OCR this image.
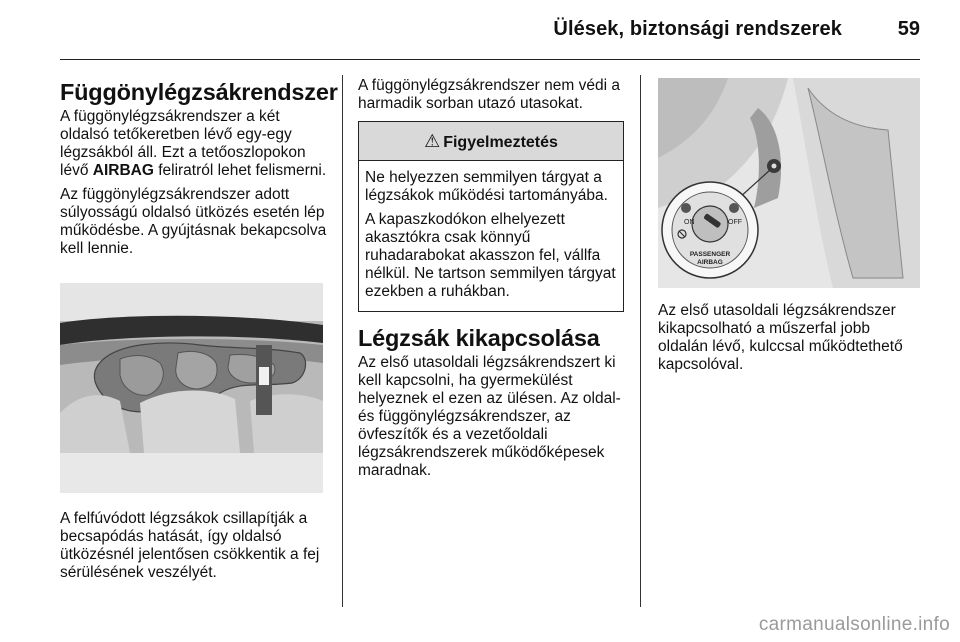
Ülések, biztonsági rendszerek	59
Függönylégzsákrendszer

A függönylégzsákrendszer a két oldalsó tetőkeretben lévő egy-egy légzsákból áll. Ezt a tetőoszlopokon lévő AIRBAG feliratról lehet felismerni.

Az függönylégzsákrendszer adott súlyosságú oldalsó ütközés esetén lép működésbe. A gyújtásnak bekapcsolva kell lennie.

A felfúvódott légzsákok csillapítják a becsapódás hatását, így oldalsó ütközésnél jelentősen csökkentik a fej sérülésének veszélyét.

A függönylégzsákrendszer nem védi a harmadik sorban utazó utasokat.

⚠ Figyelmeztetés

Ne helyezzen semmilyen tárgyat a légzsákok működési tartományába.

A kapaszkodókon elhelyezett akasztókra csak könnyű ruhadarabokat akasszon fel, vállfa nélkül. Ne tartson semmilyen tárgyat ezekben a ruhákban.

Légzsák kikapcsolása

Az első utasoldali légzsákrendszert ki kell kapcsolni, ha gyermekülést helyeznek el ezen az ülésen. Az oldal- és függönylégzsákrendszer, az övfeszítők és a vezetőoldali légzsákrendszerek működőképesek maradnak.

ON	OFF
PASSENGER
AIRBAG

Az első utasoldali légzsákrendszer kikapcsolható a műszerfal jobb oldalán lévő, kulccsal működtethető kapcsolóval.

carmanualsonline.info
